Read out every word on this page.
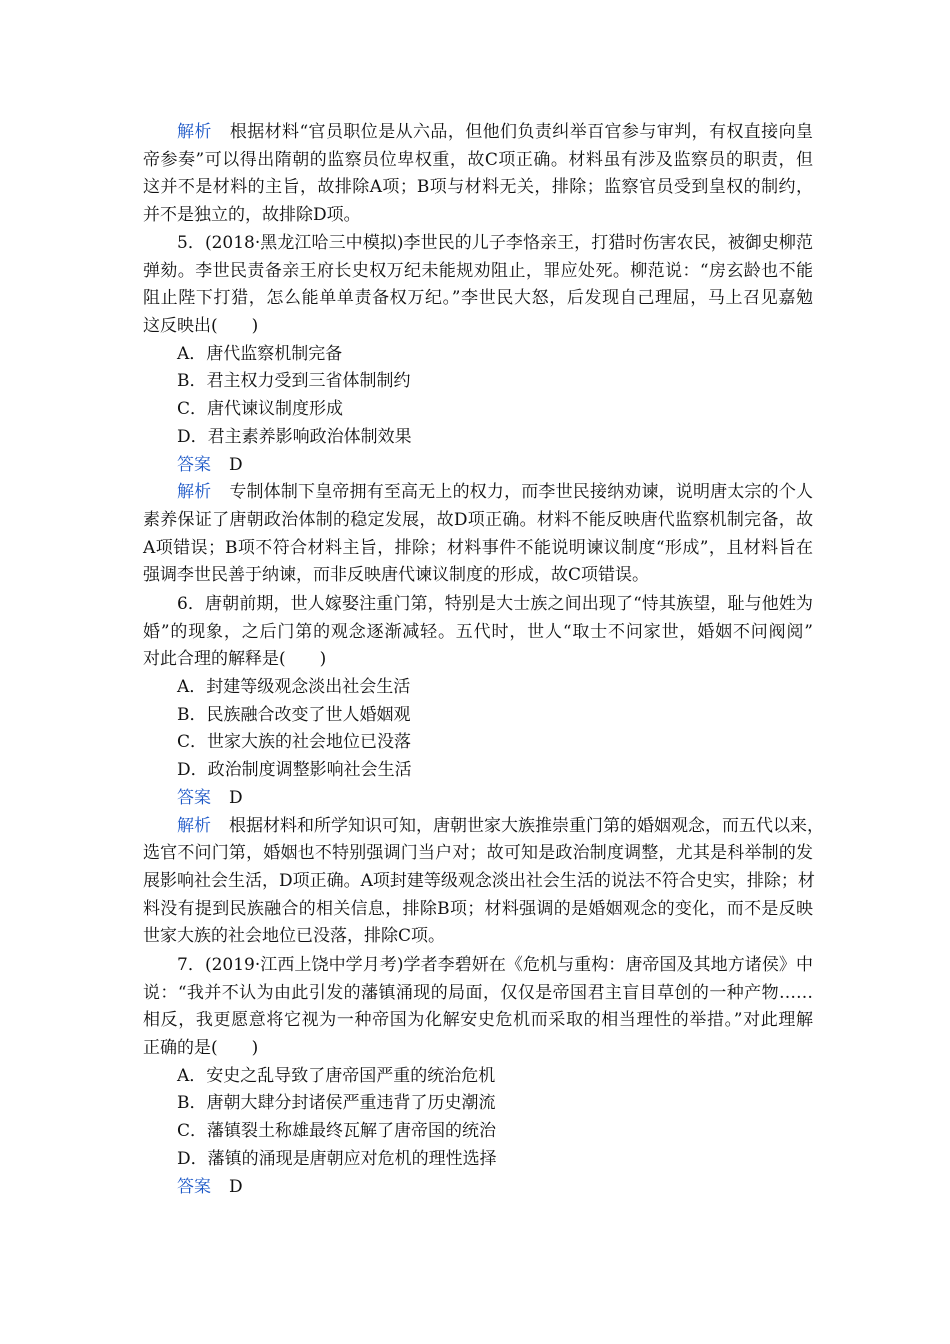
解析 根据材料“官员职位是从六品，但他们负责纠举百官参与审判，有权直接向皇
帝参奏”可以得出隋朝的监察员位卑权重，故C项正确。材料虽有涉及监察员的职责，但
这并不是材料的主旨，故排除A项；B项与材料无关，排除；监察官员受到皇权的制约，
并不是独立的，故排除D项。
5．(2018·黑龙江哈三中模拟)李世民的儿子李恪亲王，打猎时伤害农民，被御史柳范
弹劾。李世民责备亲王府长史权万纪未能规劝阻止，罪应处死。柳范说：“房玄龄也不能
阻止陛下打猎，怎么能单单责备权万纪。”李世民大怒，后发现自己理屈，马上召见嘉勉
这反映出(　　)
A．唐代监察机制完备
B．君主权力受到三省体制制约
C．唐代谏议制度形成
D．君主素养影响政治体制效果
答案 D
解析 专制体制下皇帝拥有至高无上的权力，而李世民接纳劝谏，说明唐太宗的个人
素养保证了唐朝政治体制的稳定发展，故D项正确。材料不能反映唐代监察机制完备，故
A项错误；B项不符合材料主旨，排除；材料事件不能说明谏议制度“形成”，且材料旨在
强调李世民善于纳谏，而非反映唐代谏议制度的形成，故C项错误。
6．唐朝前期，世人嫁娶注重门第，特别是大士族之间出现了“恃其族望，耻与他姓为
婚”的现象，之后门第的观念逐渐减轻。五代时，世人“取士不问家世，婚姻不问阀阅”
对此合理的解释是(　　)
A．封建等级观念淡出社会生活
B．民族融合改变了世人婚姻观
C．世家大族的社会地位已没落
D．政治制度调整影响社会生活
答案 D
解析 根据材料和所学知识可知，唐朝世家大族推崇重门第的婚姻观念，而五代以来，
选官不问门第，婚姻也不特别强调门当户对；故可知是政治制度调整，尤其是科举制的发
展影响社会生活，D项正确。A项封建等级观念淡出社会生活的说法不符合史实，排除；材
料没有提到民族融合的相关信息，排除B项；材料强调的是婚姻观念的变化，而不是反映
世家大族的社会地位已没落，排除C项。
7．(2019·江西上饶中学月考)学者李碧妍在《危机与重构：唐帝国及其地方诸侯》中
说：“我并不认为由此引发的藩镇涌现的局面，仅仅是帝国君主盲目草创的一种产物……
相反，我更愿意将它视为一种帝国为化解安史危机而采取的相当理性的举措。”对此理解
正确的是(　　)
A．安史之乱导致了唐帝国严重的统治危机
B．唐朝大肆分封诸侯严重违背了历史潮流
C．藩镇裂土称雄最终瓦解了唐帝国的统治
D．藩镇的涌现是唐朝应对危机的理性选择
答案 D
